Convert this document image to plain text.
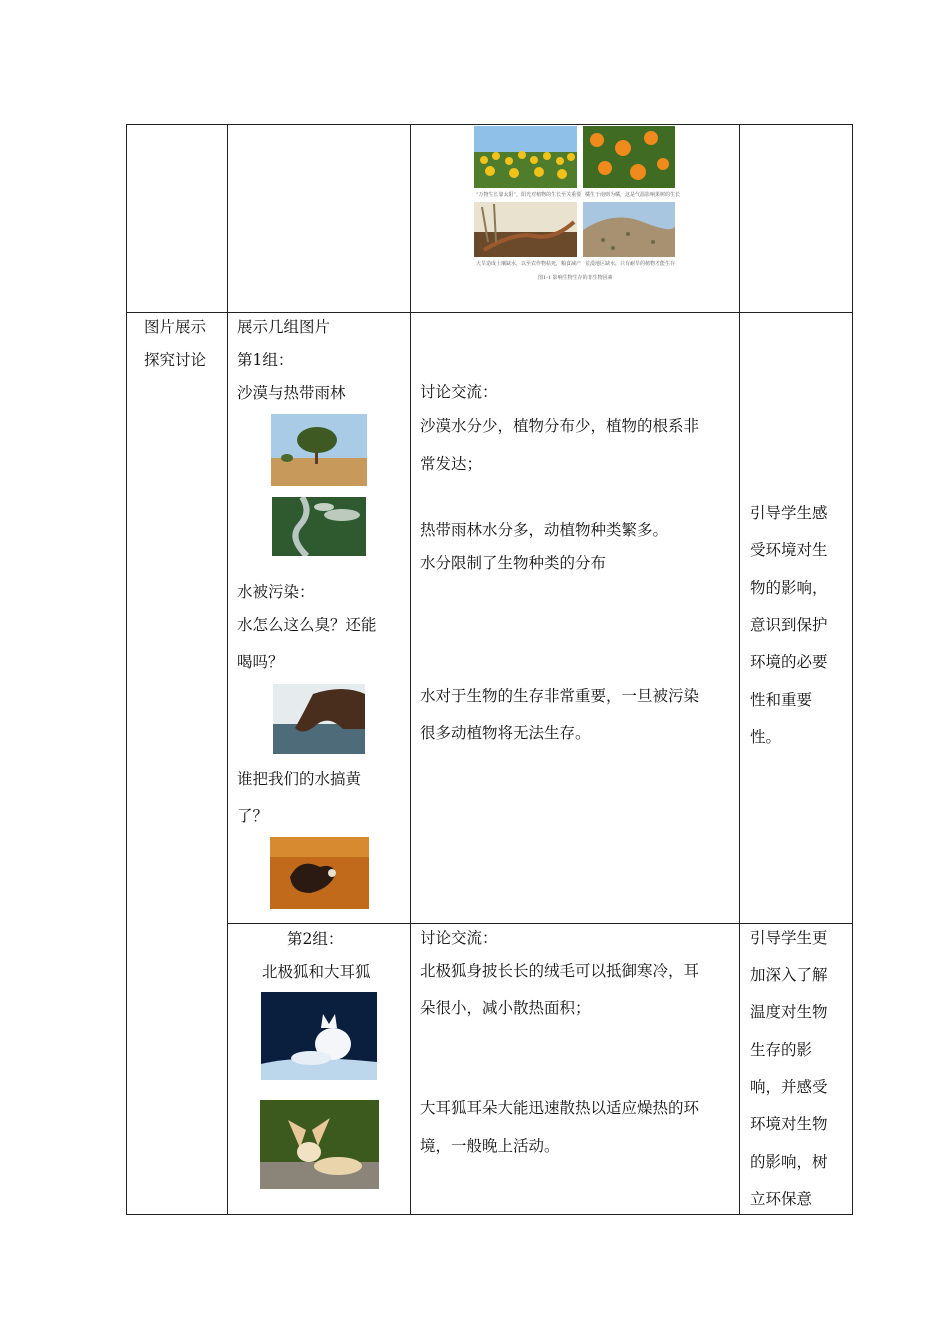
“万物生长靠太阳”，阳光对植物的生长至关重要 橘生于南则为橘，这是气温影响果树的生长
大旱造成土壤缺水，以至农作物枯死，粮食减产 荒漠地区缺水，只有耐旱的植物才能生存
图1-1 影响生物生存的非生物因素
图片展示
探究讨论
展示几组图片
第1组：
沙漠与热带雨林
水被污染：
水怎么这么臭？还能
喝吗？
谁把我们的水搞黄
了？
讨论交流：
沙漠水分少，植物分布少，植物的根系非
常发达；
热带雨林水分多，动植物种类繁多。
水分限制了生物种类的分布
水对于生物的生存非常重要，一旦被污染
很多动植物将无法生存。
引导学生感
受环境对生
物的影响，
意识到保护
环境的必要
性和重要
性。
第2组：
北极狐和大耳狐
讨论交流：
北极狐身披长长的绒毛可以抵御寒冷，耳
朵很小，减小散热面积；
大耳狐耳朵大能迅速散热以适应燥热的环
境，一般晚上活动。
引导学生更
加深入了解
温度对生物
生存的影
响，并感受
环境对生物
的影响，树
立环保意
